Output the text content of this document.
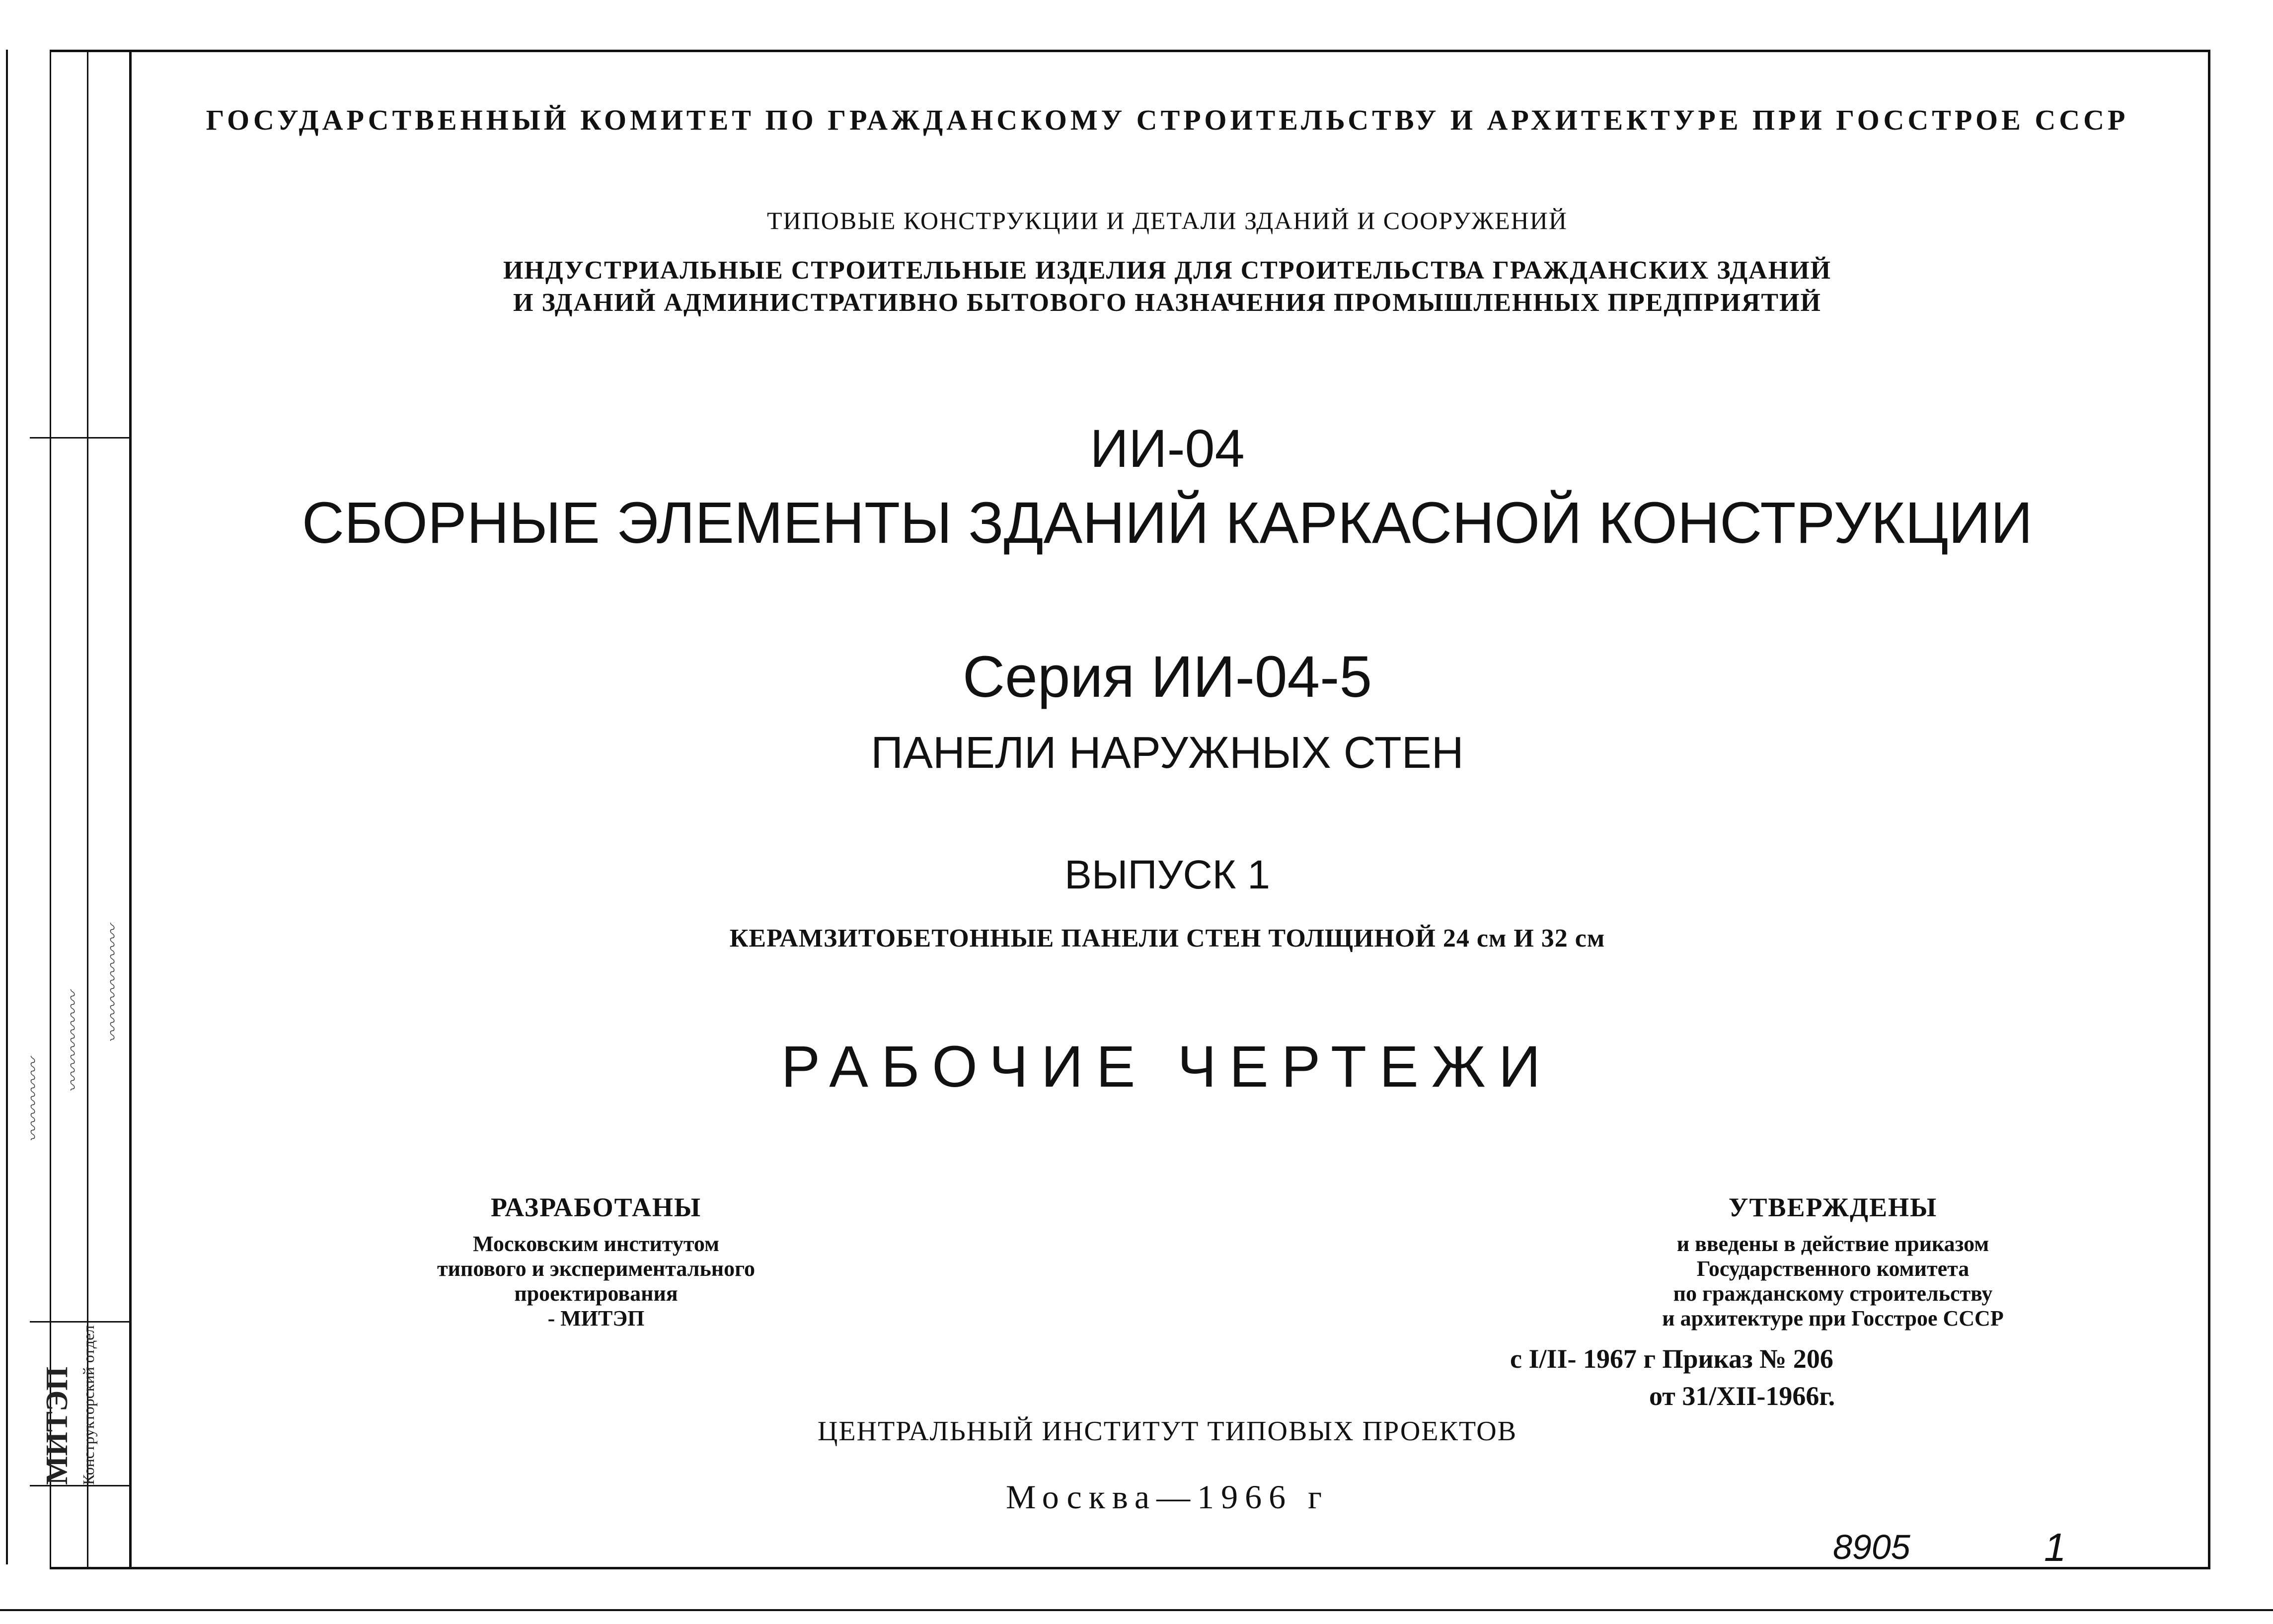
МИТЭП Конструкторский отдел
〰〰〰〰〰
〰〰〰〰〰〰 〰〰〰〰〰〰〰
ГОСУДАРСТВЕННЫЙ КОМИТЕТ ПО ГРАЖДАНСКОМУ СТРОИТЕЛЬСТВУ И АРХИТЕКТУРЕ ПРИ ГОССТРОЕ СССР
ТИПОВЫЕ КОНСТРУКЦИИ И ДЕТАЛИ ЗДАНИЙ И СООРУЖЕНИЙ
ИНДУСТРИАЛЬНЫЕ СТРОИТЕЛЬНЫЕ ИЗДЕЛИЯ ДЛЯ СТРОИТЕЛЬСТВА ГРАЖДАНСКИХ ЗДАНИЙ
И ЗДАНИЙ АДМИНИСТРАТИВНО БЫТОВОГО НАЗНАЧЕНИЯ ПРОМЫШЛЕННЫХ ПРЕДПРИЯТИЙ
ИИ-04
СБОРНЫЕ ЭЛЕМЕНТЫ ЗДАНИЙ КАРКАСНОЙ КОНСТРУКЦИИ
Серия ИИ-04-5
ПАНЕЛИ НАРУЖНЫХ СТЕН
ВЫПУСК 1
КЕРАМЗИТОБЕТОННЫЕ ПАНЕЛИ СТЕН ТОЛЩИНОЙ 24 см И 32 см
РАБОЧИЕ ЧЕРТЕЖИ
РАЗРАБОТАНЫ
Московским институтом
типового и экспериментального
проектирования
- МИТЭП
УТВЕРЖДЕНЫ
и введены в действие приказом
Государственного комитета
по гражданскому строительству
и архитектуре при Госстрое СССР
с I/II- 1967 г Приказ № 206
от 31/XII-1966г.
ЦЕНТРАЛЬНЫЙ ИНСТИТУТ ТИПОВЫХ ПРОЕКТОВ
Москва—1966 г
8905	1
